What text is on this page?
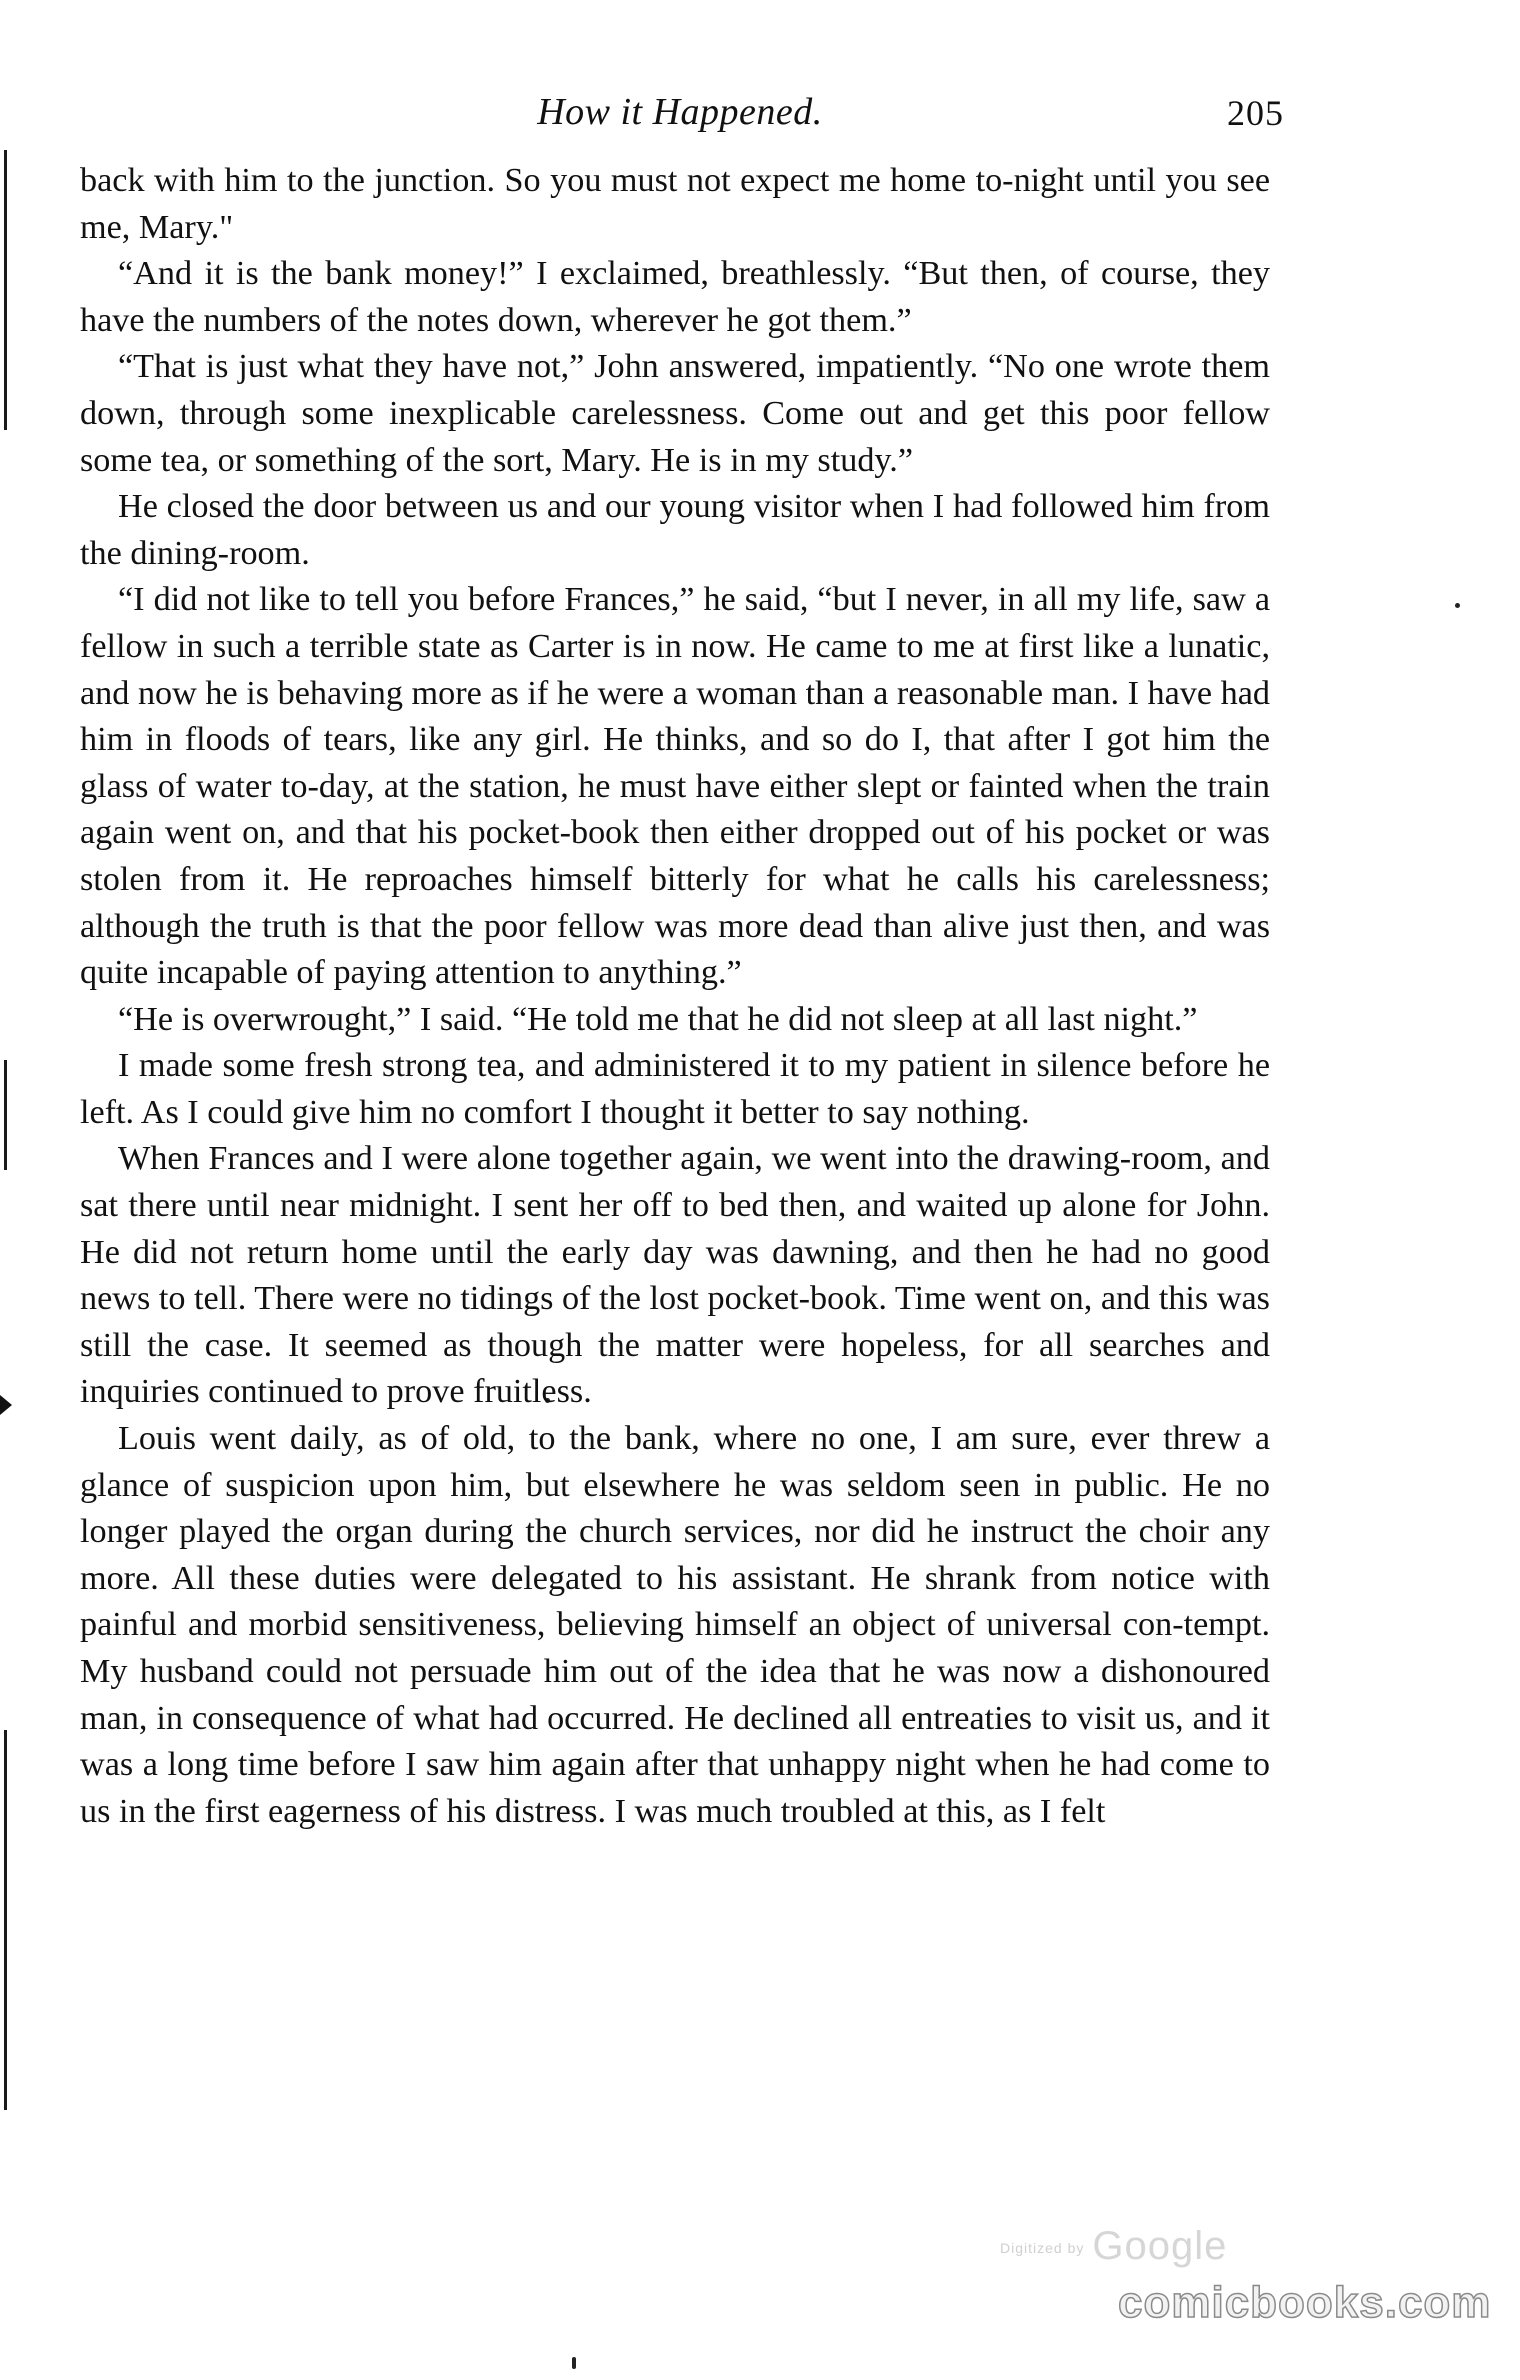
How it Happened.	205

back with him to the junction. So you must not expect me home to-night until you see me, Mary."

“And it is the bank money!” I exclaimed, breathlessly. “But then, of course, they have the numbers of the notes down, wherever he got them.”

“That is just what they have not,” John answered, impatiently. “No one wrote them down, through some inexplicable carelessness. Come out and get this poor fellow some tea, or something of the sort, Mary. He is in my study.”

He closed the door between us and our young visitor when I had followed him from the dining-room.

“I did not like to tell you before Frances,” he said, “but I never, in all my life, saw a fellow in such a terrible state as Carter is in now. He came to me at first like a lunatic, and now he is behaving more as if he were a woman than a reasonable man. I have had him in floods of tears, like any girl. He thinks, and so do I, that after I got him the glass of water to-day, at the station, he must have either slept or fainted when the train again went on, and that his pocket-book then either dropped out of his pocket or was stolen from it. He reproaches himself bitterly for what he calls his carelessness; although the truth is that the poor fellow was more dead than alive just then, and was quite incapable of paying attention to anything.”

“He is overwrought,” I said. “He told me that he did not sleep at all last night.”

I made some fresh strong tea, and administered it to my patient in silence before he left. As I could give him no comfort I thought it better to say nothing.

When Frances and I were alone together again, we went into the drawing-room, and sat there until near midnight. I sent her off to bed then, and waited up alone for John. He did not return home until the early day was dawning, and then he had no good news to tell. There were no tidings of the lost pocket-book. Time went on, and this was still the case. It seemed as though the matter were hopeless, for all searches and inquiries continued to prove fruitless.

Louis went daily, as of old, to the bank, where no one, I am sure, ever threw a glance of suspicion upon him, but elsewhere he was seldom seen in public. He no longer played the organ during the church services, nor did he instruct the choir any more. All these duties were delegated to his assistant. He shrank from notice with painful and morbid sensitiveness, believing himself an object of universal con-tempt. My husband could not persuade him out of the idea that he was now a dishonoured man, in consequence of what had occurred. He declined all entreaties to visit us, and it was a long time before I saw him again after that unhappy night when he had come to us in the first eagerness of his distress. I was much troubled at this, as I felt

Digitized by Google
comicbooks.com
